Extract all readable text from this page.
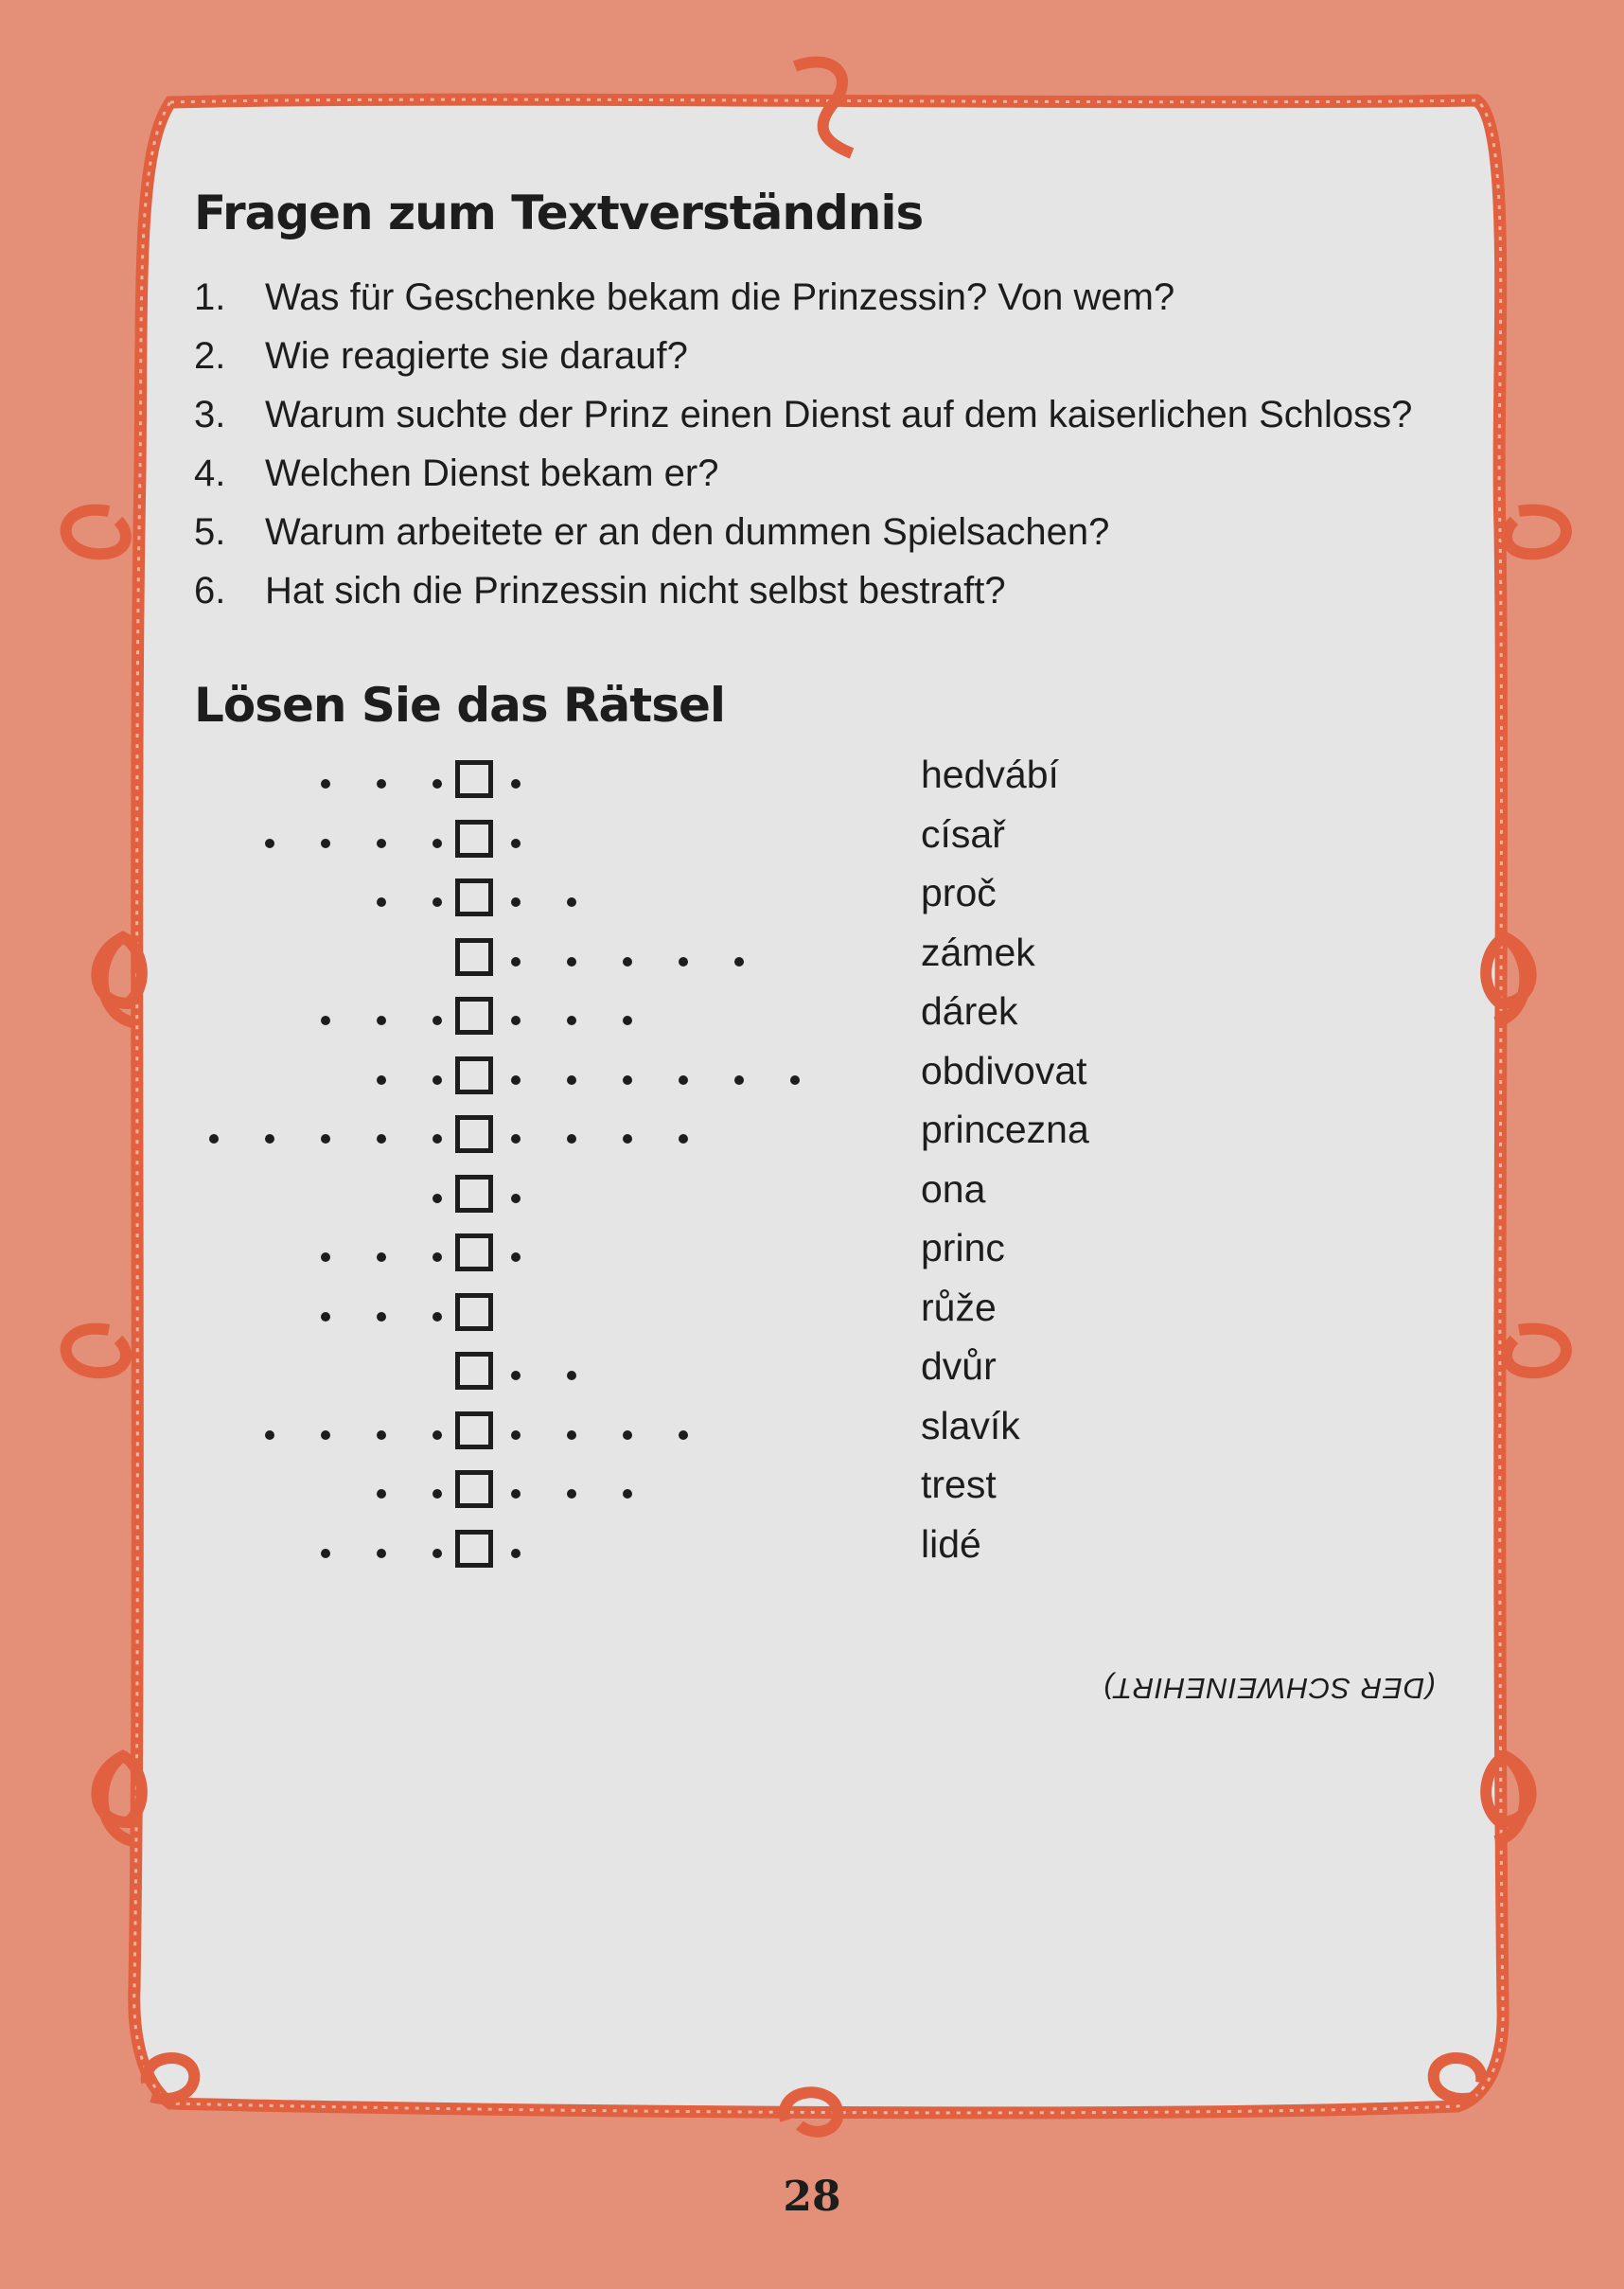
Fragen zum Textverständnis
1.	Was für Geschenke bekam die Prinzessin? Von wem?
2.	Wie reagierte sie darauf?
3.	Warum suchte der Prinz einen Dienst auf dem kaiserlichen Schloss?
4.	Welchen Dienst bekam er?
5.	Warum arbeitete er an den dummen Spielsachen?
6.	Hat sich die Prinzessin nicht selbst bestraft?
Lösen Sie das Rätsel
hedvábí
císař
proč
zámek
dárek
obdivovat
princezna
ona
princ
růže
dvůr
slavík
trest
lidé
(DER SCHWEINEHIRT)
28
